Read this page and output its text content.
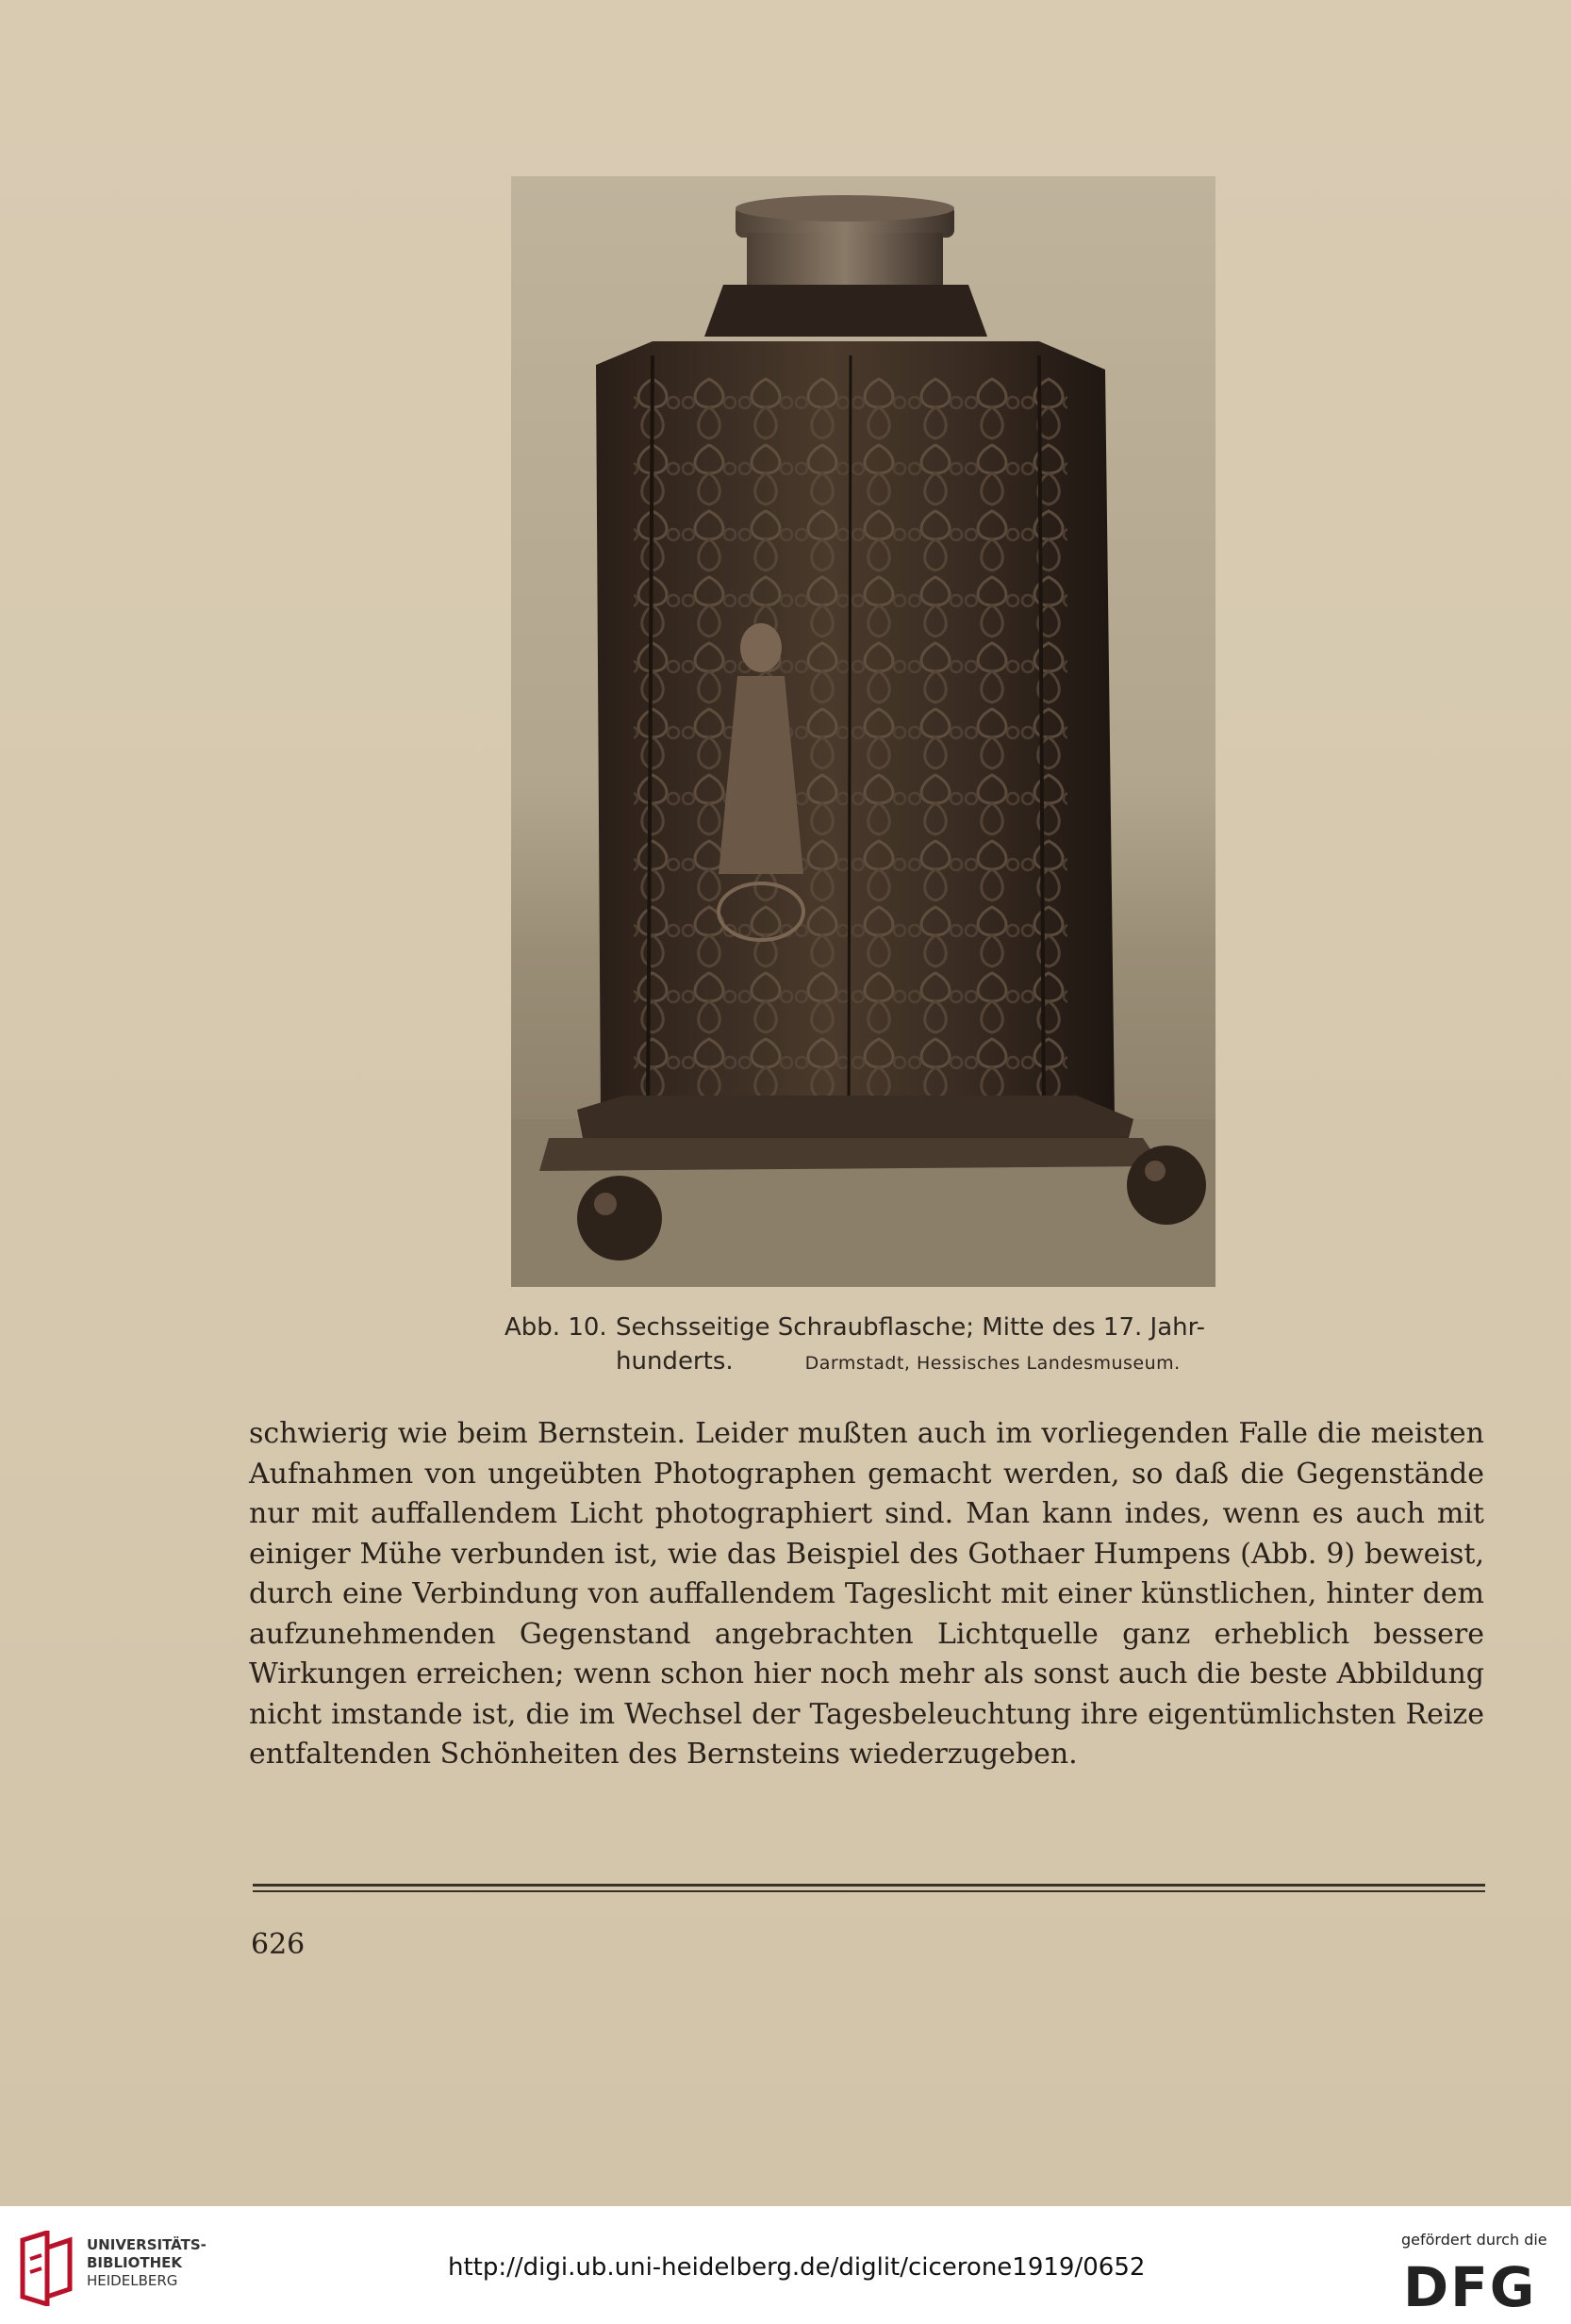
Abb. 10. Sechsseitige Schraubflasche; Mitte des 17. Jahr-
hunderts.	Darmstadt, Hessisches Landesmuseum.

schwierig wie beim Bernstein. Leider mußten auch im vorliegenden Falle die meisten Aufnahmen von ungeübten Photographen gemacht werden, so daß die Gegenstände nur mit auffallendem Licht photographiert sind. Man kann indes, wenn es auch mit einiger Mühe verbunden ist, wie das Beispiel des Gothaer Humpens (Abb. 9) beweist, durch eine Verbindung von auffallendem Tageslicht mit einer künstlichen, hinter dem aufzunehmenden Gegenstand angebrachten Lichtquelle ganz erheblich bessere Wirkungen erreichen; wenn schon hier noch mehr als sonst auch die beste Abbildung nicht imstande ist, die im Wechsel der Tagesbeleuchtung ihre eigentümlichsten Reize entfaltenden Schönheiten des Bernsteins wiederzugeben.

626
UNIVERSITÄTS-
BIBLIOTHEK
HEIDELBERG	http://digi.ub.uni-heidelberg.de/diglit/cicerone1919/0652
gefördert durch die
DFG
